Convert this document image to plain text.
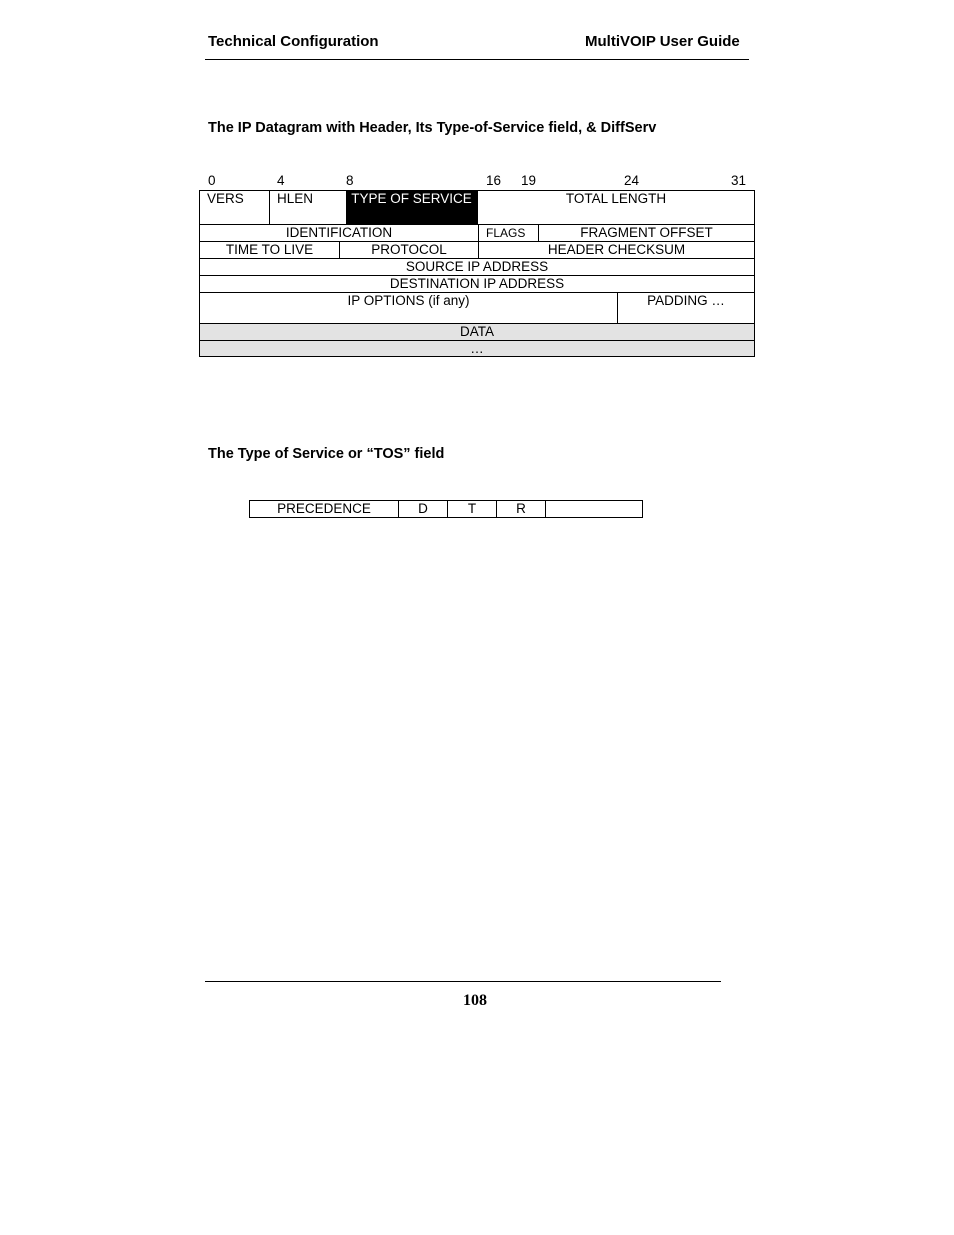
Technical Configuration	MultiVOIP User Guide
The IP Datagram with Header, Its Type-of-Service field, & DiffServ
0	4	8	16 19	24	31
VERS	HLEN	TYPE OF SERVICE	TOTAL LENGTH
IDENTIFICATION	FLAGS	FRAGMENT OFFSET
TIME TO LIVE	PROTOCOL	HEADER CHECKSUM
SOURCE IP ADDRESS
DESTINATION IP ADDRESS
IP OPTIONS (if any)	PADDING …
DATA
…
The Type of Service or “TOS” field
PRECEDENCE	D	T	R
108
